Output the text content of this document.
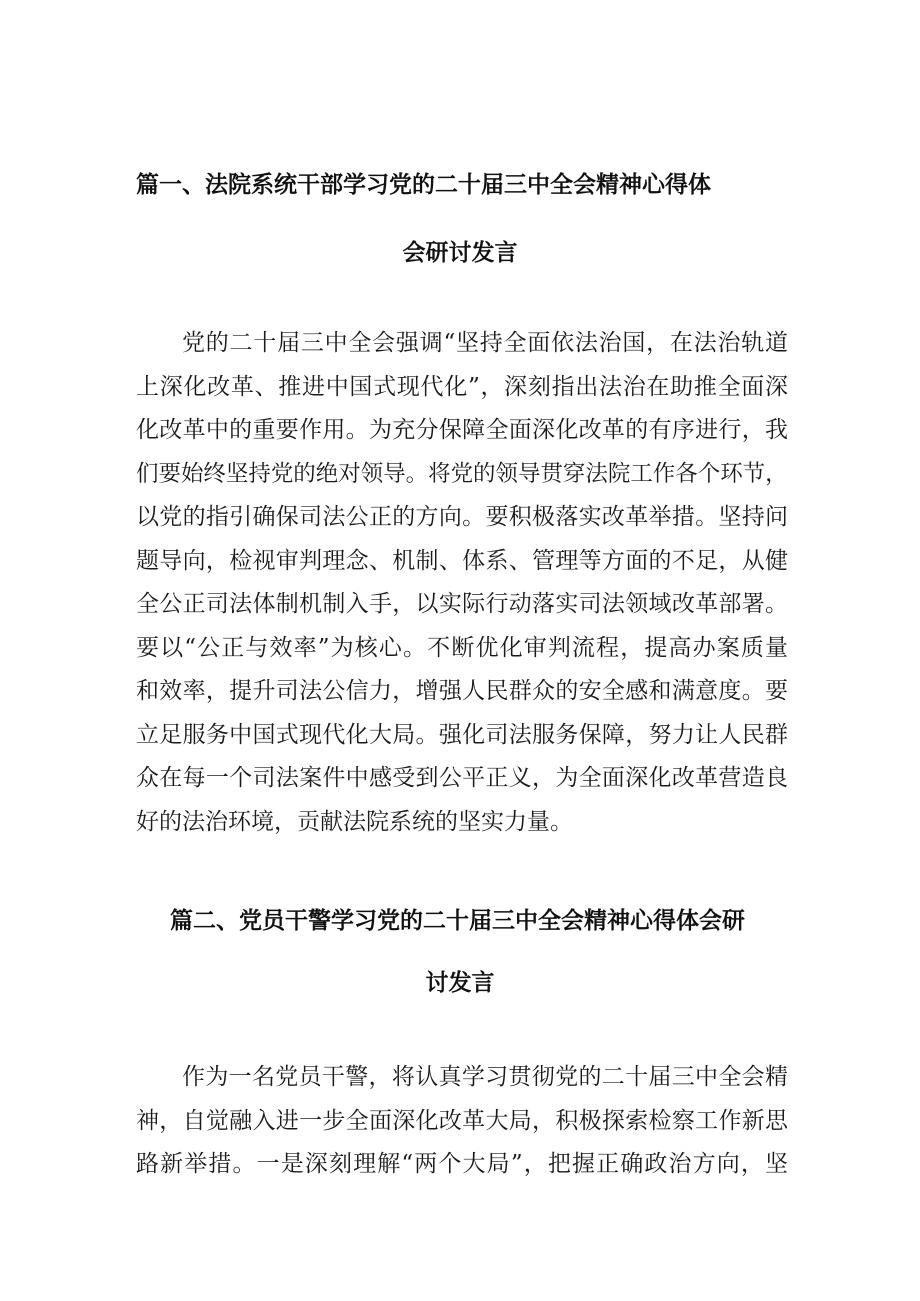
篇一、法院系统干部学习党的二十届三中全会精神心得体
会研讨发言
党的二十届三中全会强调“坚持全面依法治国，在法治轨道
上深化改革、推进中国式现代化”，深刻指出法治在助推全面深
化改革中的重要作用。为充分保障全面深化改革的有序进行，我
们要始终坚持党的绝对领导。将党的领导贯穿法院工作各个环节，
以党的指引确保司法公正的方向。要积极落实改革举措。坚持问
题导向，检视审判理念、机制、体系、管理等方面的不足，从健
全公正司法体制机制入手，以实际行动落实司法领域改革部署。
要以“公正与效率”为核心。不断优化审判流程，提高办案质量
和效率，提升司法公信力，增强人民群众的安全感和满意度。要
立足服务中国式现代化大局。强化司法服务保障，努力让人民群
众在每一个司法案件中感受到公平正义，为全面深化改革营造良
好的法治环境，贡献法院系统的坚实力量。
篇二、党员干警学习党的二十届三中全会精神心得体会研
讨发言
作为一名党员干警，将认真学习贯彻党的二十届三中全会精
神，自觉融入进一步全面深化改革大局，积极探索检察工作新思
路新举措。一是深刻理解“两个大局”，把握正确政治方向，坚
